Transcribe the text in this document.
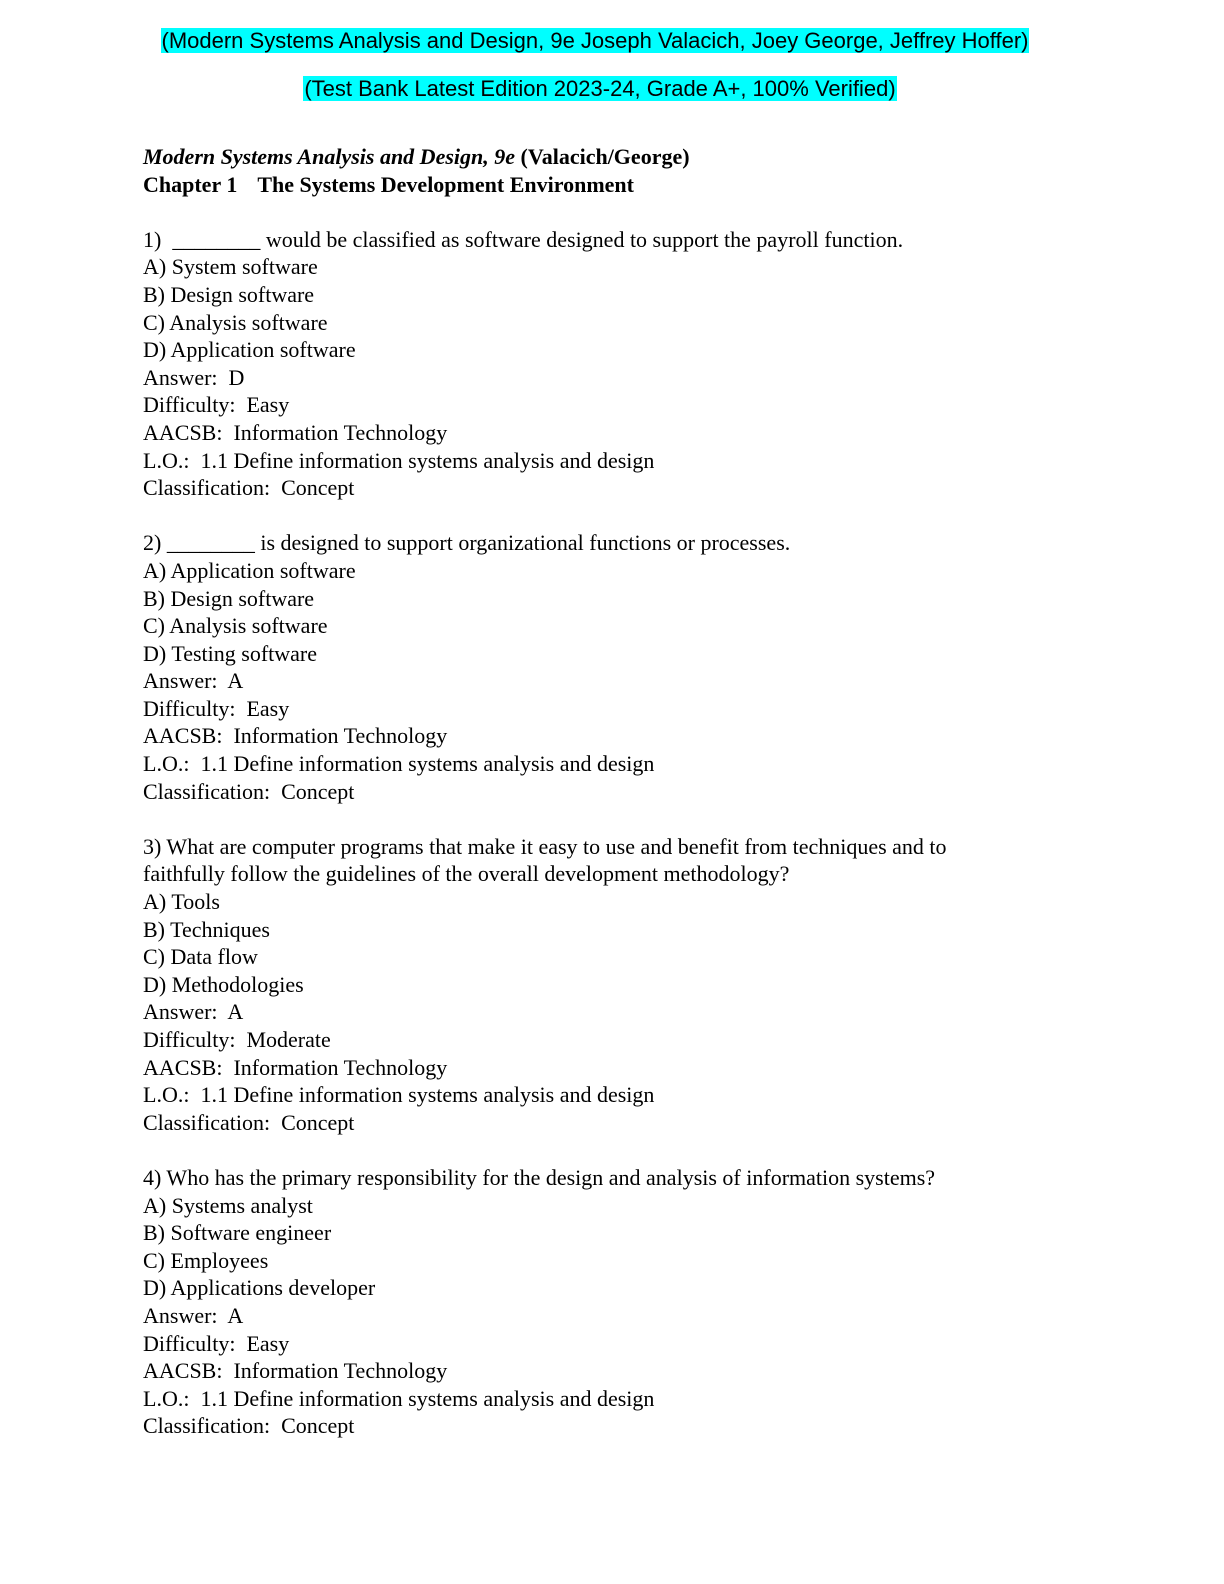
(Modern Systems Analysis and Design, 9e Joseph Valacich, Joey George, Jeffrey Hoffer)
(Test Bank Latest Edition 2023-24, Grade A+, 100% Verified)
Modern Systems Analysis and Design, 9e (Valacich/George)
Chapter 1 The Systems Development Environment
1)  ________ would be classified as software designed to support the payroll function.
A) System software
B) Design software
C) Analysis software
D) Application software
Answer:  D
Difficulty:  Easy
AACSB:  Information Technology
L.O.:  1.1 Define information systems analysis and design
Classification:  Concept
2) ________ is designed to support organizational functions or processes.
A) Application software
B) Design software
C) Analysis software
D) Testing software
Answer:  A
Difficulty:  Easy
AACSB:  Information Technology
L.O.:  1.1 Define information systems analysis and design
Classification:  Concept
3) What are computer programs that make it easy to use and benefit from techniques and to
faithfully follow the guidelines of the overall development methodology?
A) Tools
B) Techniques
C) Data flow
D) Methodologies
Answer:  A
Difficulty:  Moderate
AACSB:  Information Technology
L.O.:  1.1 Define information systems analysis and design
Classification:  Concept
4) Who has the primary responsibility for the design and analysis of information systems?
A) Systems analyst
B) Software engineer
C) Employees
D) Applications developer
Answer:  A
Difficulty:  Easy
AACSB:  Information Technology
L.O.:  1.1 Define information systems analysis and design
Classification:  Concept
